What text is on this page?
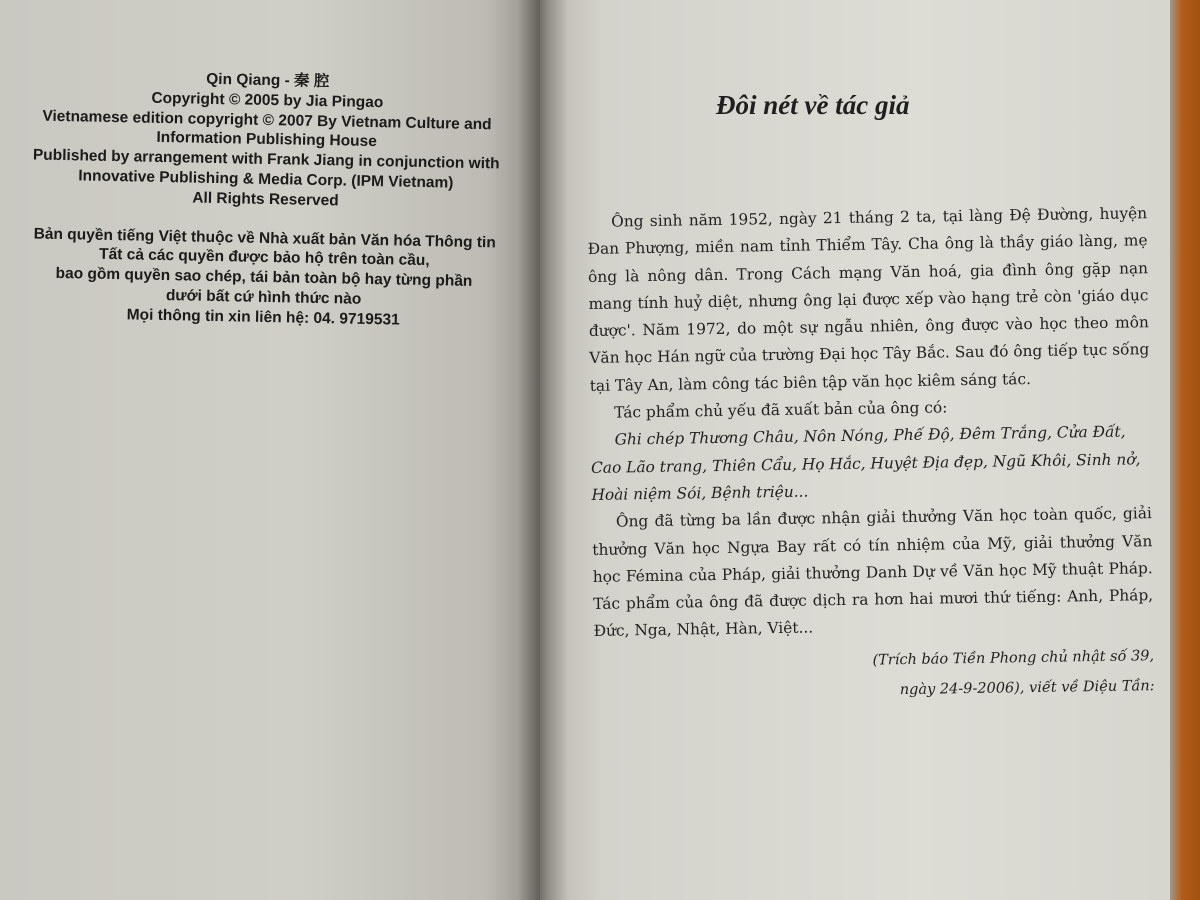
Qin Qiang - 秦 腔
Copyright © 2005 by Jia Pingao
Vietnamese edition copyright © 2007 By Vietnam Culture and
Information Publishing House
Published by arrangement with Frank Jiang in conjunction with
Innovative Publishing & Media Corp. (IPM Vietnam)
All Rights Reserved
Bản quyền tiếng Việt thuộc về Nhà xuất bản Văn hóa Thông tin
Tất cả các quyền được bảo hộ trên toàn cầu,
bao gồm quyền sao chép, tái bản toàn bộ hay từng phần
dưới bất cứ hình thức nào
Mọi thông tin xin liên hệ: 04. 9719531
Đôi nét về tác giả

Ông sinh năm 1952, ngày 21 tháng 2 ta, tại làng Đệ Đường, huyện Đan Phượng, miền nam tỉnh Thiểm Tây. Cha ông là thầy giáo làng, mẹ ông là nông dân. Trong Cách mạng Văn hoá, gia đình ông gặp nạn mang tính huỷ diệt, nhưng ông lại được xếp vào hạng trẻ còn 'giáo dục được'. Năm 1972, do một sự ngẫu nhiên, ông được vào học theo môn Văn học Hán ngữ của trường Đại học Tây Bắc. Sau đó ông tiếp tục sống tại Tây An, làm công tác biên tập văn học kiêm sáng tác.

Tác phẩm chủ yếu đã xuất bản của ông có:

Ghi chép Thương Châu, Nôn Nóng, Phế Độ, Đêm Trắng, Cửa Đất, Cao Lão trang, Thiên Cẩu, Họ Hắc, Huyệt Địa đẹp, Ngũ Khôi, Sinh nở, Hoài niệm Sói, Bệnh triệu...

Ông đã từng ba lần được nhận giải thưởng Văn học toàn quốc, giải thưởng Văn học Ngựa Bay rất có tín nhiệm của Mỹ, giải thưởng Văn học Fémina của Pháp, giải thưởng Danh Dự về Văn học Mỹ thuật Pháp. Tác phẩm của ông đã được dịch ra hơn hai mươi thứ tiếng: Anh, Pháp, Đức, Nga, Nhật, Hàn, Việt...

(Trích báo Tiền Phong chủ nhật số 39,
ngày 24-9-2006), viết về Diệu Tần:
